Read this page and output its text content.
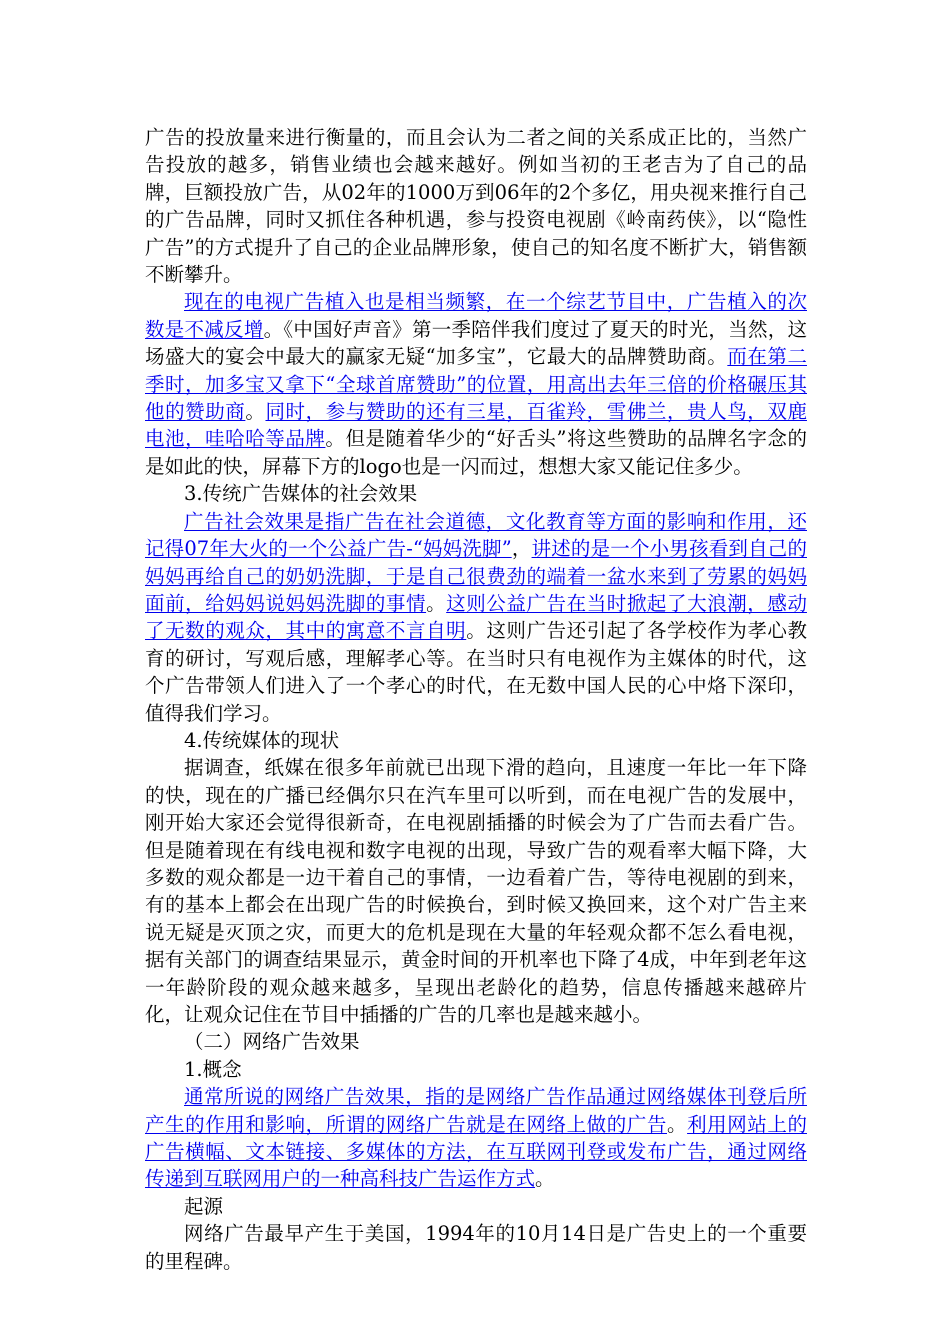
广告的投放量来进行衡量的，而且会认为二者之间的关系成正比的，当然广告投放的越多，销售业绩也会越来越好。例如当初的王老吉为了自己的品牌，巨额投放广告，从02年的1000万到06年的2个多亿，用央视来推行自己的广告品牌，同时又抓住各种机遇，参与投资电视剧《岭南药侠》，以“隐性广告”的方式提升了自己的企业品牌形象，使自己的知名度不断扩大，销售额不断攀升。

现在的电视广告植入也是相当频繁，在一个综艺节目中，广告植入的次数是不减反增。《中国好声音》第一季陪伴我们度过了夏天的时光，当然，这场盛大的宴会中最大的赢家无疑“加多宝”，它最大的品牌赞助商。而在第二季时，加多宝又拿下“全球首席赞助”的位置，用高出去年三倍的价格碾压其他的赞助商。同时，参与赞助的还有三星，百雀羚，雪佛兰，贵人鸟，双鹿电池，哇哈哈等品牌。但是随着华少的“好舌头”将这些赞助的品牌名字念的是如此的快，屏幕下方的logo也是一闪而过，想想大家又能记住多少。

3.传统广告媒体的社会效果

广告社会效果是指广告在社会道德，文化教育等方面的影响和作用，还记得07年大火的一个公益广告-“妈妈洗脚”，讲述的是一个小男孩看到自己的妈妈再给自己的奶奶洗脚，于是自己很费劲的端着一盆水来到了劳累的妈妈面前，给妈妈说妈妈洗脚的事情。这则公益广告在当时掀起了大浪潮，感动了无数的观众，其中的寓意不言自明。这则广告还引起了各学校作为孝心教育的研讨，写观后感，理解孝心等。在当时只有电视作为主媒体的时代，这个广告带领人们进入了一个孝心的时代，在无数中国人民的心中烙下深印，值得我们学习。

4.传统媒体的现状

据调查，纸媒在很多年前就已出现下滑的趋向，且速度一年比一年下降的快，现在的广播已经偶尔只在汽车里可以听到，而在电视广告的发展中，刚开始大家还会觉得很新奇，在电视剧插播的时候会为了广告而去看广告。但是随着现在有线电视和数字电视的出现，导致广告的观看率大幅下降，大多数的观众都是一边干着自己的事情，一边看着广告，等待电视剧的到来，有的基本上都会在出现广告的时候换台，到时候又换回来，这个对广告主来说无疑是灭顶之灾，而更大的危机是现在大量的年轻观众都不怎么看电视，据有关部门的调查结果显示，黄金时间的开机率也下降了4成，中年到老年这一年龄阶段的观众越来越多，呈现出老龄化的趋势，信息传播越来越碎片化，让观众记住在节目中插播的广告的几率也是越来越小。

（二）网络广告效果

1.概念

通常所说的网络广告效果，指的是网络广告作品通过网络媒体刊登后所产生的作用和影响，所谓的网络广告就是在网络上做的广告。利用网站上的广告横幅、文本链接、多媒体的方法，在互联网刊登或发布广告，通过网络传递到互联网用户的一种高科技广告运作方式。

起源

网络广告最早产生于美国，1994年的10月14日是广告史上的一个重要的里程碑。
